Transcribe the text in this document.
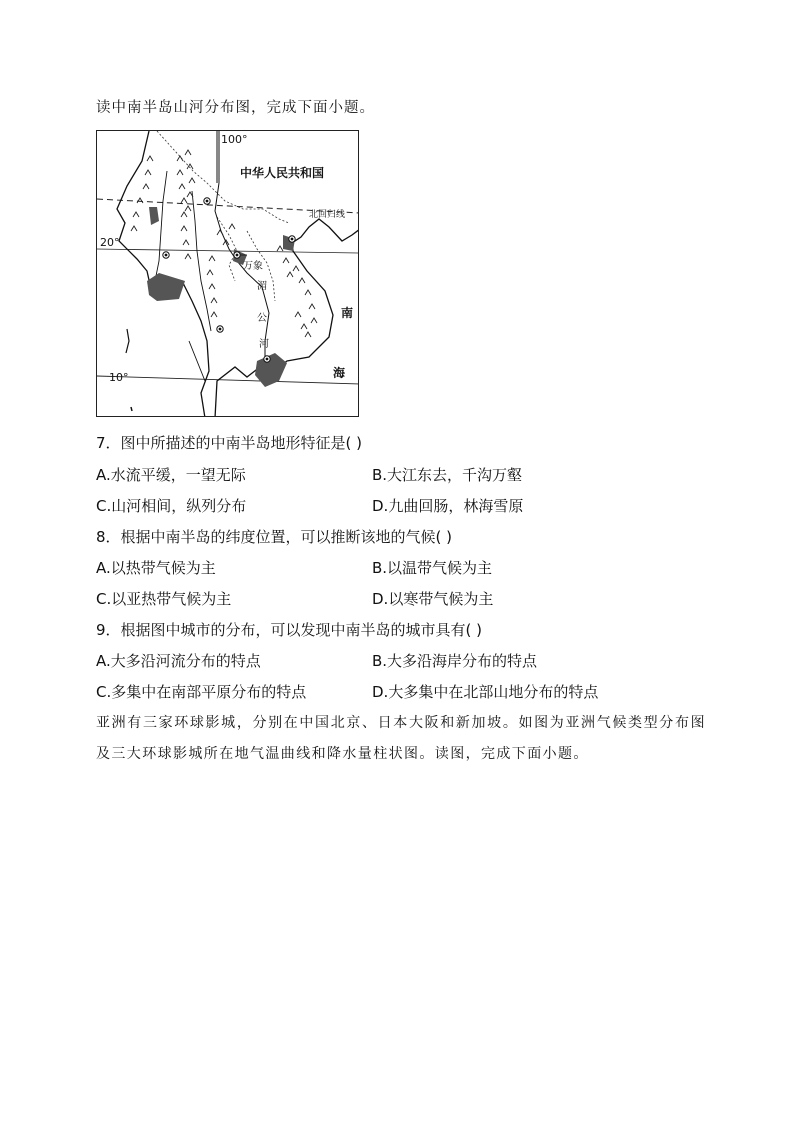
读中南半岛山河分布图，完成下面小题。
100°
中华人民共和国
北回归线
20°
10°
万象
湄
公
河
南
海
7．图中所描述的中南半岛地形特征是( )
A.水流平缓，一望无际	B.大江东去，千沟万壑
C.山河相间，纵列分布	D.九曲回肠，林海雪原
8．根据中南半岛的纬度位置，可以推断该地的气候( )
A.以热带气候为主	B.以温带气候为主
C.以亚热带气候为主	D.以寒带气候为主
9．根据图中城市的分布，可以发现中南半岛的城市具有( )
A.大多沿河流分布的特点	B.大多沿海岸分布的特点
C.多集中在南部平原分布的特点	D.大多集中在北部山地分布的特点
亚洲有三家环球影城，分别在中国北京、日本大阪和新加坡。如图为亚洲气候类型分布图及三大环球影城所在地气温曲线和降水量柱状图。读图，完成下面小题。
